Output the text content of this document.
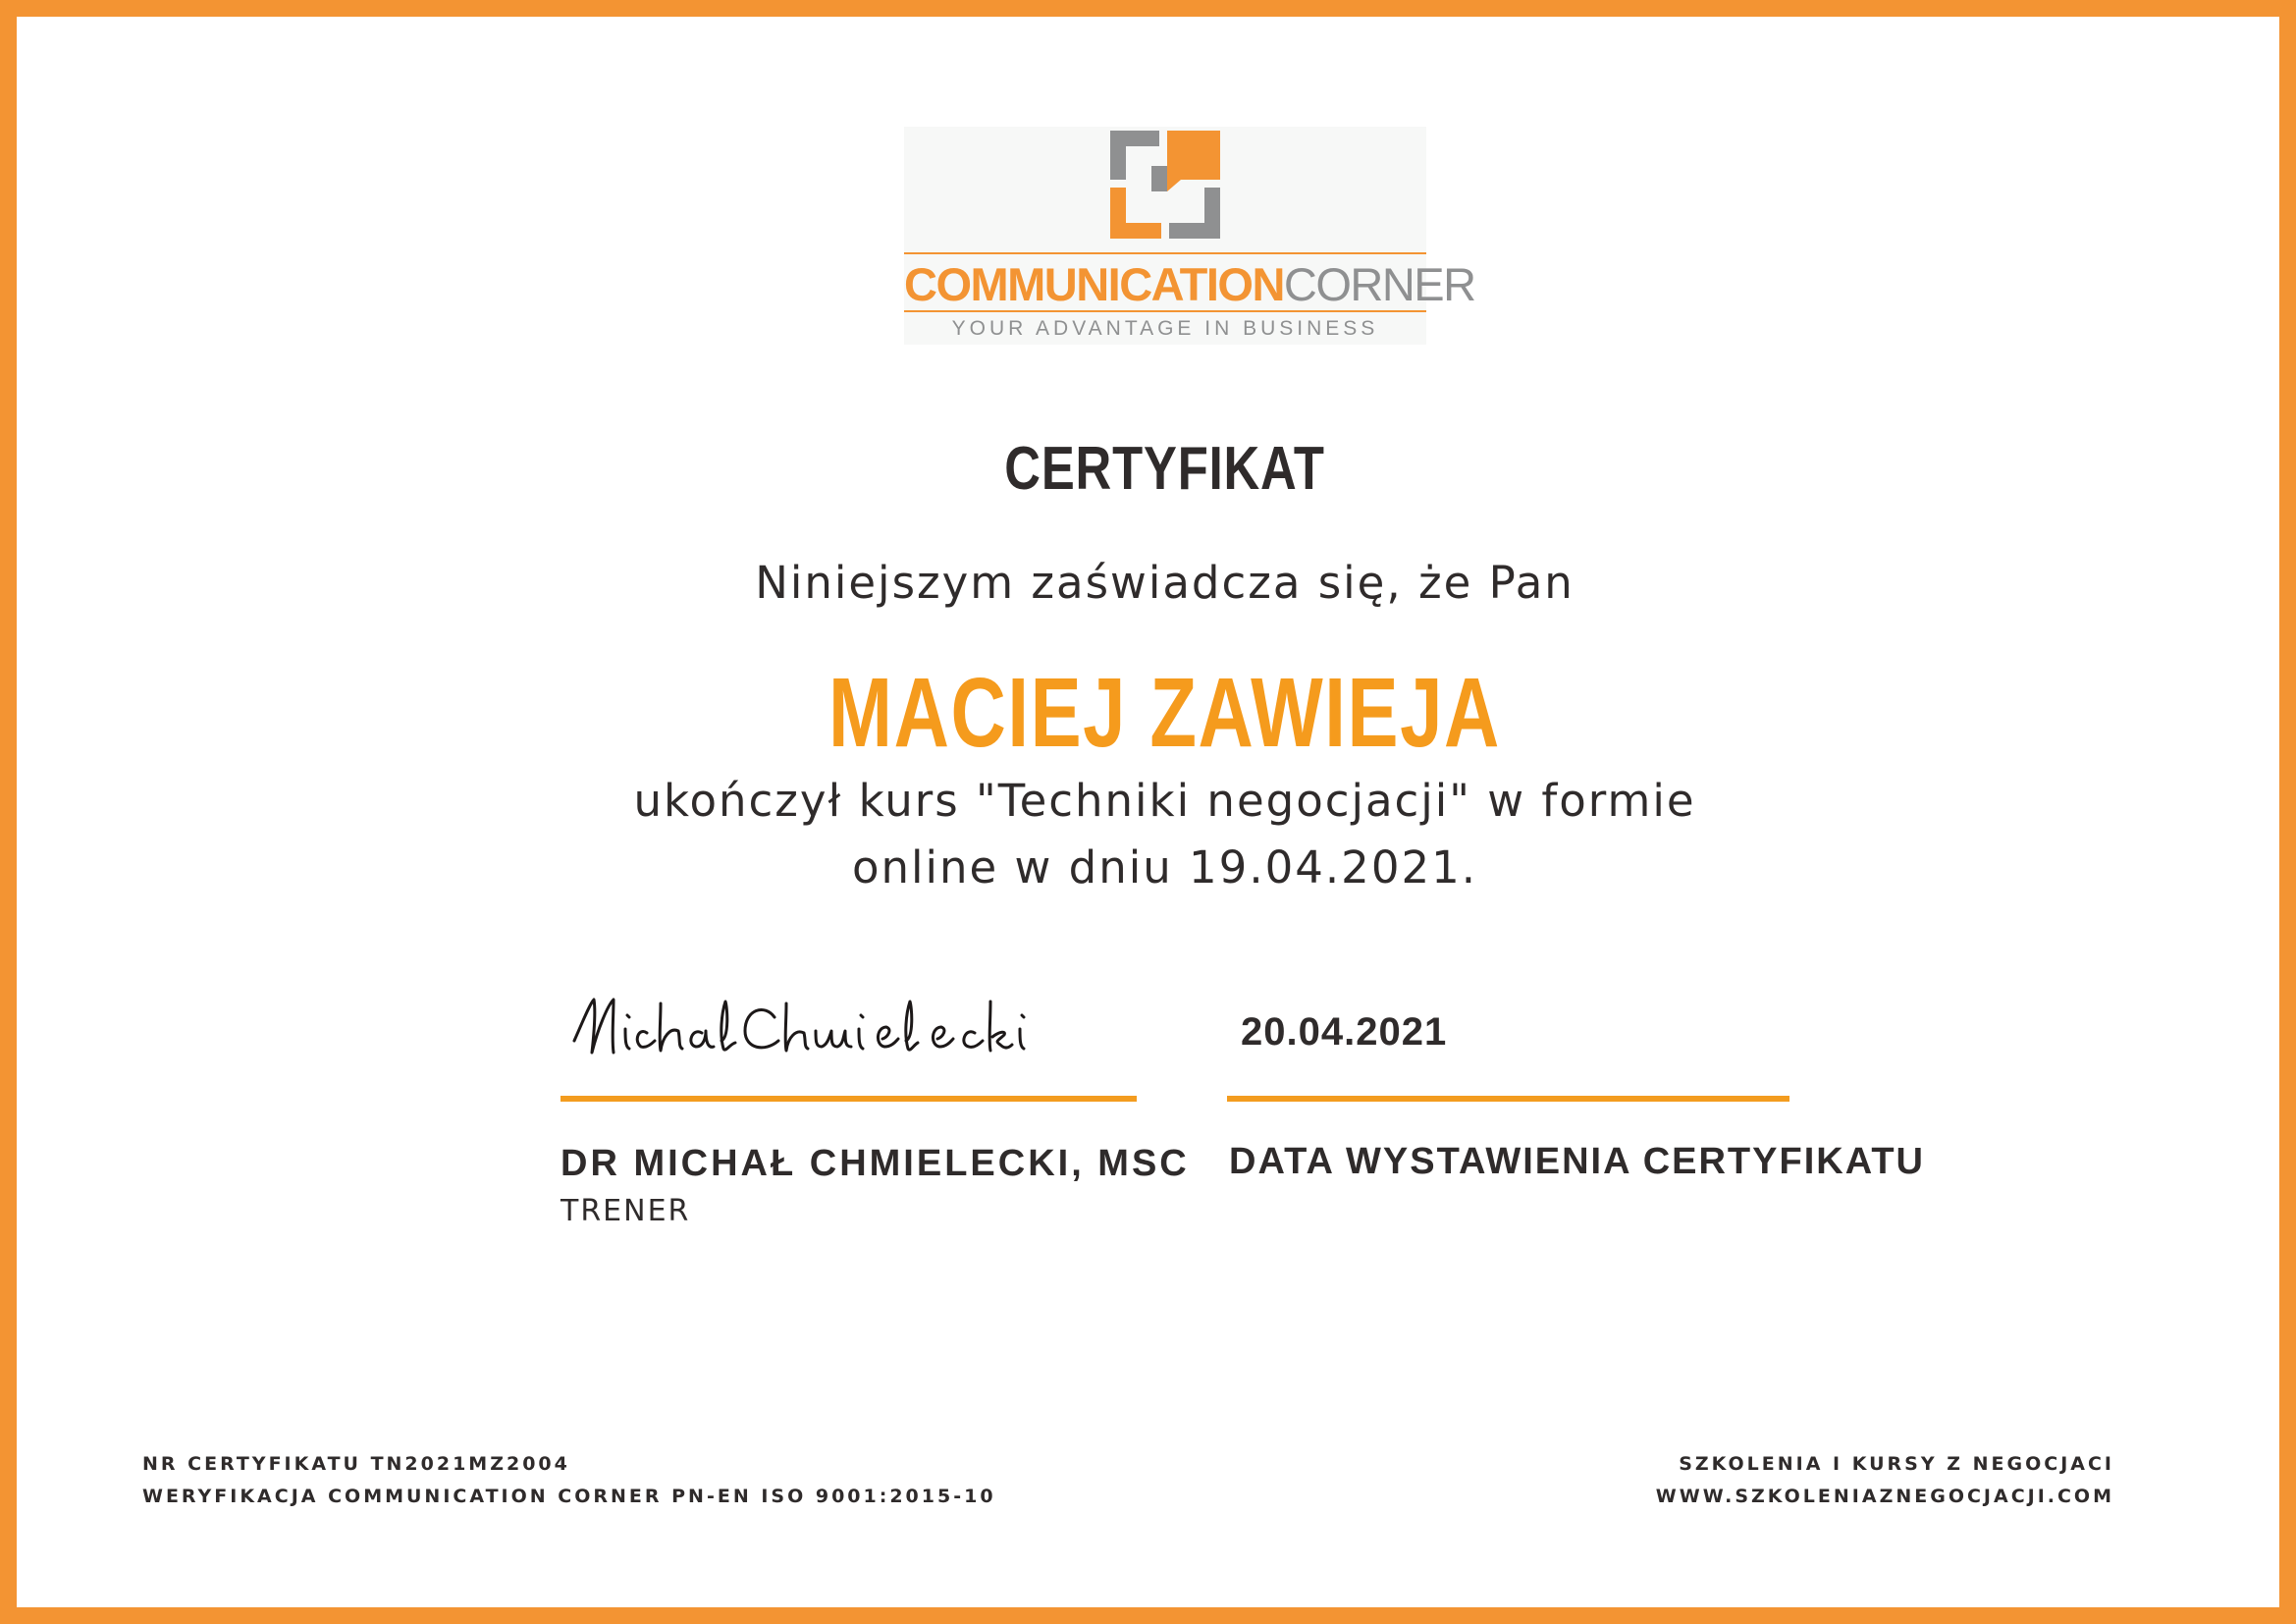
COMMUNICATIONCORNER
YOUR ADVANTAGE IN BUSINESS
CERTYFIKAT
Niniejszym zaświadcza się, że Pan
MACIEJ ZAWIEJA
ukończył kurs "Techniki negocjacji" w formie
online w dniu 19.04.2021.
20.04.2021
DR MICHAŁ CHMIELECKI, MSC
TRENER
DATA WYSTAWIENIA CERTYFIKATU
NR CERTYFIKATU TN2021MZ2004
WERYFIKACJA COMMUNICATION CORNER PN-EN ISO 9001:2015-10
SZKOLENIA I KURSY Z NEGOCJACI
WWW.SZKOLENIAZNEGOCJACJI.COM
